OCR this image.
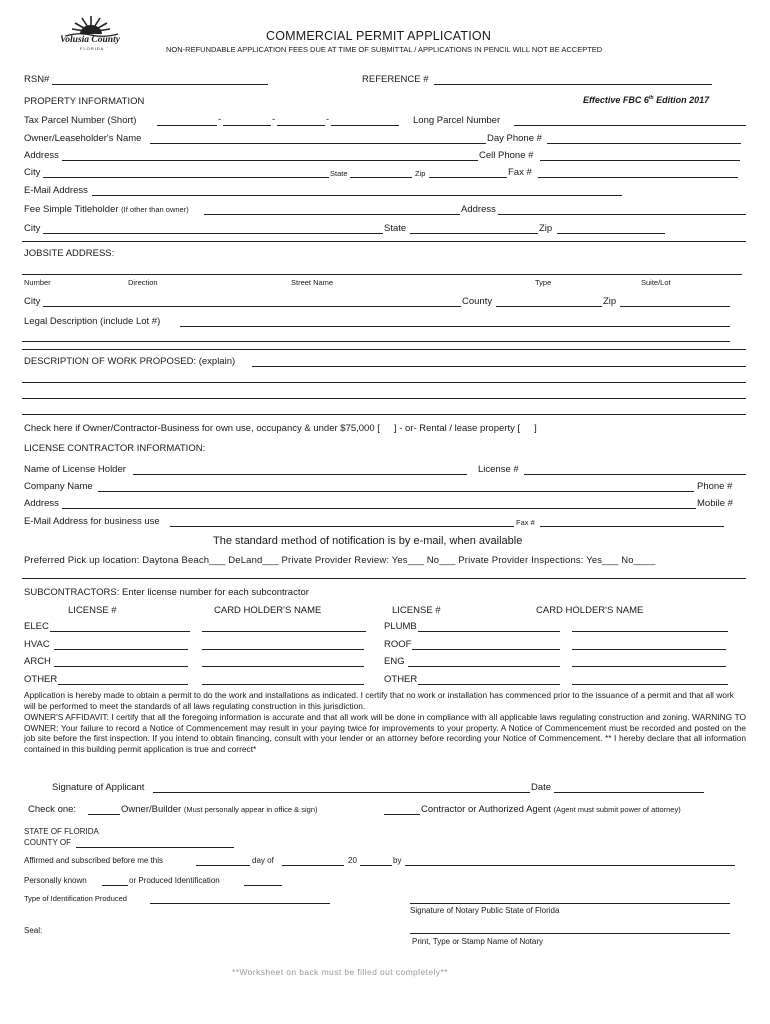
Volusia County
FLORIDA
COMMERCIAL PERMIT APPLICATION
NON-REFUNDABLE APPLICATION FEES DUE AT TIME OF SUBMITTAL / APPLICATIONS IN PENCIL WILL NOT BE ACCEPTED
RSN#	REFERENCE #
PROPERTY INFORMATION	Effective FBC 6th Edition 2017
Tax Parcel Number (Short)	-	-	-	Long Parcel Number
Owner/Leaseholder's Name	Day Phone #
Address	Cell Phone #
City	State	Zip	Fax #
E-Mail Address
Fee Simple Titleholder (If other than owner)	Address
City	State	Zip
JOBSITE ADDRESS:
Number	Direction	Street Name	Type	Suite/Lot
City	County	Zip
Legal Description (include Lot #)
DESCRIPTION OF WORK PROPOSED: (explain)
Check here if Owner/Contractor-Business for own use, occupancy & under $75,000 [ ] - or- Rental / lease property [ ]
LICENSE CONTRACTOR INFORMATION:
Name of License Holder	License #
Company Name	Phone #
Address	Mobile #
E-Mail Address for business use	Fax #
The standard method of notification is by e-mail, when available
Preferred Pick up location: Daytona Beach___ DeLand___ Private Provider Review: Yes___ No___ Private Provider Inspections: Yes___ No____
SUBCONTRACTORS: Enter license number for each subcontractor
LICENSE #	CARD HOLDER'S NAME	LICENSE #	CARD HOLDER'S NAME
ELEC	PLUMB
HVAC	ROOF
ARCH	ENG
OTHER	OTHER
Application is hereby made to obtain a permit to do the work and installations as indicated. I certify that no work or installation has commenced prior to the issuance of a permit and that all work will be performed to meet the standards of all laws regulating construction in this jurisdiction.
OWNER'S AFFIDAVIT: I certify that all the foregoing information is accurate and that all work will be done in compliance with all applicable laws regulating construction and zoning. WARNING TO OWNER: Your failure to record a Notice of Commencement may result in your paying twice for improvements to your property. A Notice of Commencement must be recorded and posted on the job site before the first inspection. If you intend to obtain financing, consult with your lender or an attorney before recording your Notice of Commencement. ** I hereby declare that all information contained in this building permit application is true and correct*
Signature of Applicant	Date
Check one:	Owner/Builder (Must personally appear in office & sign)	Contractor or Authorized Agent (Agent must submit power of attorney)
STATE OF FLORIDA
COUNTY OF
Affirmed and subscribed before me this	day of	20	by
Personally known	or Produced Identification
Type of Identification Produced
Signature of Notary Public State of Florida
Seal:
Print, Type or Stamp Name of Notary
**Worksheet on back must be filled out completely**
